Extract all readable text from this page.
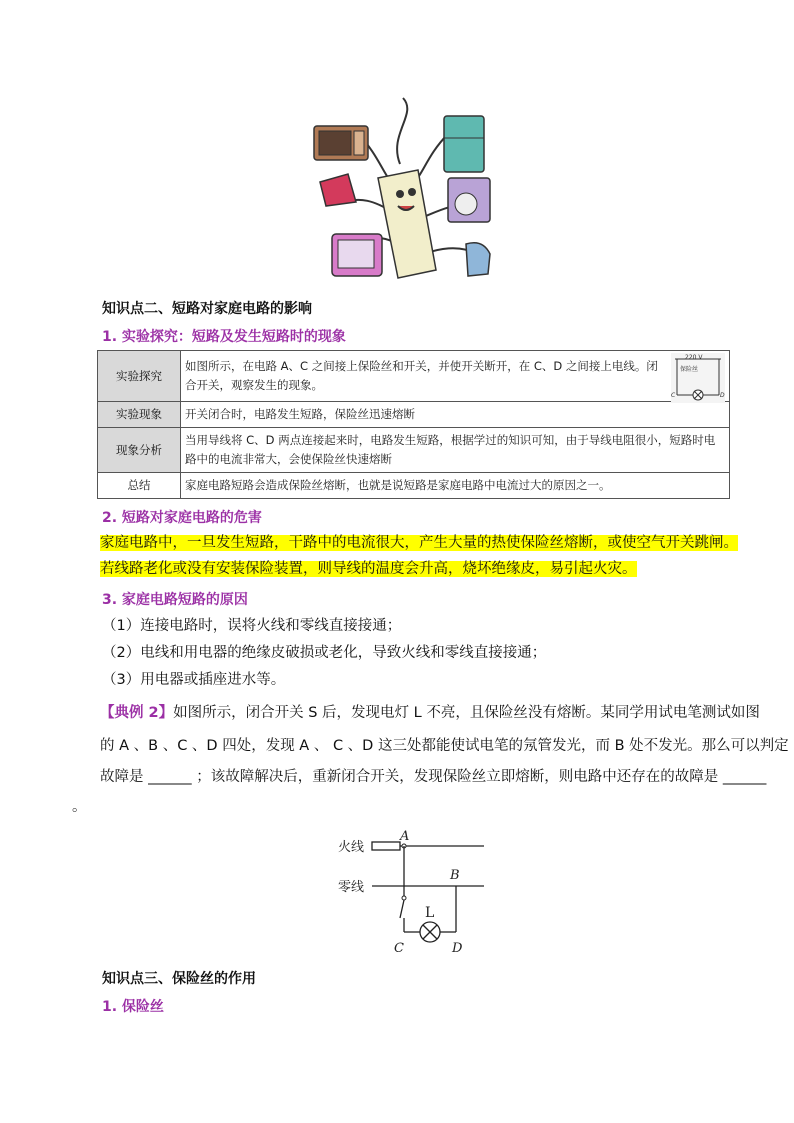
知识点二、短路对家庭电路的影响
1. 实验探究：短路及发生短路时的现象
实验探究	如图所示，在电路 A、C 之间接上保险丝和开关，并使开关断开，在 C、D 之间接上电线。闭合开关，观察发生的现象。
220 V
保险丝
C D

实验现象	开关闭合时，电路发生短路，保险丝迅速熔断
现象分析	当用导线将 C、D 两点连接起来时，电路发生短路，根据学过的知识可知，由于导线电阻很小，短路时电路中的电流非常大，会使保险丝快速熔断
总结	家庭电路短路会造成保险丝熔断，也就是说短路是家庭电路中电流过大的原因之一。
2. 短路对家庭电路的危害
家庭电路中，一旦发生短路，干路中的电流很大，产生大量的热使保险丝熔断，或使空气开关跳闸。
若线路老化或没有安装保险装置，则导线的温度会升高，烧坏绝缘皮，易引起火灾。
3. 家庭电路短路的原因
（1）连接电路时，误将火线和零线直接接通；
（2）电线和用电器的绝缘皮破损或老化，导致火线和零线直接接通；
（3）用电器或插座进水等。
【典例 2】如图所示，闭合开关 S 后，发现电灯 L 不亮，且保险丝没有熔断。某同学用试电笔测试如图
的 A 、B 、C 、D 四处，发现 A 、 C 、D 这三处都能使试电笔的氖管发光，而 B 处不发光。那么可以判定
故障是 ______ ；该故障解决后，重新闭合开关，发现保险丝立即熔断，则电路中还存在的故障是 ______
。
火线
零线
A
B
C	D
L
知识点三、保险丝的作用
1. 保险丝
